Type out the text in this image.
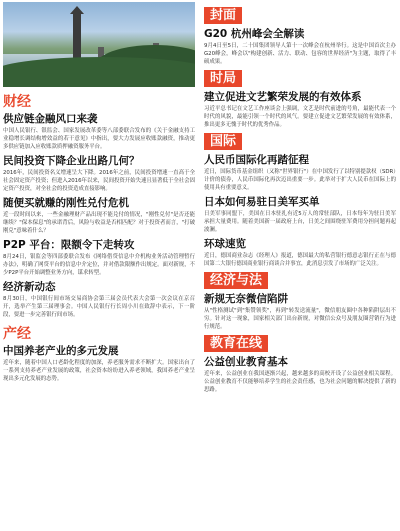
财经
供应链金融风口来袭
中国人民银行、银监会、国家发展改革委等八部委联合发布的《关于金融支持工业稳增长调结构增效益的若干意见》中指出，要大力发展应收账款融资，推动更多供应链加入应收账款质押融资服务平台。
民间投资下降企业出路几何？
2016年，民间投资名义增速呈大下降。2016年之前，民间投资增速一直高于全社会固定资产投资；但进入2016年以来，民间投资开始失速且显著低于全社会固定资产投资，对全社会的投资造成直接影响。
随便买就赚的刚性兑付危机
近一段时间以来，一些金融理财产品出现不能兑付的情况，"刚性兑付"是否还能继续？"保本保息"的承诺背后，风险与收益是否相匹配？对于投资者而言，"打破刚兑"意味着什么？
P2P 平台：限额令下走转攻
8月24日，银监会等四部委联合发布《网络借贷信息中介机构业务活动管理暂行办法》，明确了网贷平台的信息中介定位，并对借款限额作出规定。面对新规，不少P2P平台开始调整业务方向，谋求转型。
经济新动态
8月30日，中国银行间市场交易商协会第三届会员代表大会第一次会议在京召开，选举产生第三届理事会。中国人民银行行长周小川在致辞中表示，下一阶段，要进一步完善银行间市场。
产经
中国养老产业的多元发展
近年来，随着中国人口老龄化程度的加深，养老服务需求不断扩大。国家出台了一系列支持养老产业发展的政策，社会资本纷纷进入养老领域，我国养老产业呈现出多元化发展的态势。
封面
G20 杭州峰会全解读
9月4日至5日，二十国集团领导人第十一次峰会在杭州举行。这是中国首次主办G20峰会，峰会以"构建创新、活力、联动、包容的世界经济"为主题，取得了丰硕成果。
时局
建立促进文艺繁荣发展的有效体系
习近平总书记在文艺工作座谈会上强调，文艺是时代前进的号角，最能代表一个时代的风貌，最能引领一个时代的风气。要建立促进文艺繁荣发展的有效体系，推出更多无愧于时代的优秀作品。
国际
人民币国际化再踏征程
近日，国际货币基金组织（又称"世界银行"）在中国发行了以特别提款权（SDR）计价的债券，人民币国际化再次迈出重要一步。此举对于扩大人民币在国际上的使用具有重要意义。
日本如何易驻日美军买单
日美军事同盟下，美国在日本驻扎有近5万人的常驻部队，日本每年为驻日美军承担大量费用。随着美国新一届政府上台，日美之间围绕驻军费用分担问题再起波澜。
环球速览
近日，德国商业杂志《经理人》报道，德国最大的私营银行德意志银行正在与德国第二大银行德国商业银行商谈合并事宜，此消息引发了市场的广泛关注。
经济与法
新规无奈微信陷阱
从"性格测试"到"集赞领奖"，再到"转发送流量"，微信朋友圈中各种陷阱层出不穷。针对这一现象，国家相关部门出台新规，对微信公众号及朋友圈营销行为进行规范。
教育在线
公益创业教育基本
近年来，公益创业在我国逐渐兴起，越来越多的高校开设了公益创业相关课程。公益创业教育不仅能够培养学生的社会责任感，也为社会问题的解决提供了新的思路。
